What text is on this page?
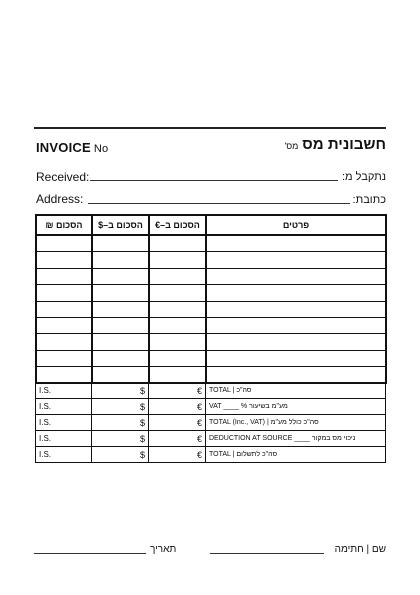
INVOICE No	חשבונית מסמס'
Received:	נתקבל מ:
Address:	כתובת:
הסכום ₪	הסכום ב–$	הסכום ב–€	פרטים

I.S.	$	€	TOTAL | סה"כ
I.S.	$	€	VAT ____ % מע"מ בשיעור
I.S.	$	€	TOTAL (Inc., VAT) | סה"כ כולל מע"מ
I.S.	$	€	DEDUCTION AT SOURCE ____ ניכוי מס במקור
I.S.	$	€	TOTAL | סה"כ לתשלום
תאריך	שם | חתימה
